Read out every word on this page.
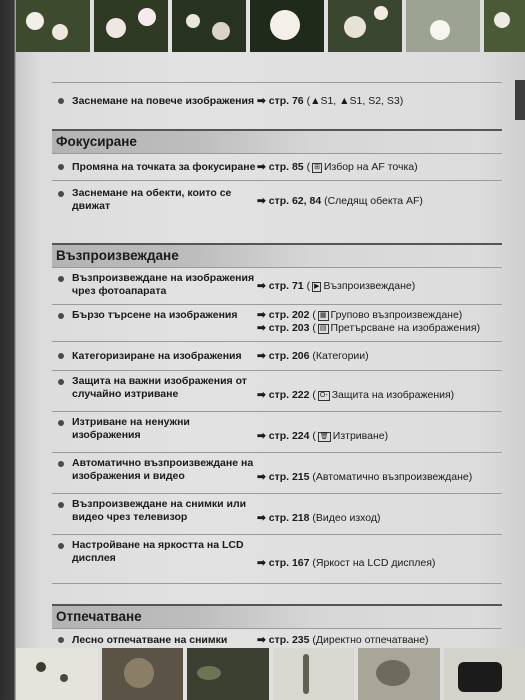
Заснемане на повече изображения ➡ стр. 76 (▲S1, ▲S1, S2, S3)
Фокусиране
Промяна на точката за фокусиране ➡ стр. 85 ( ⊞ Избор на AF точка)
Заснемане на обекти, които се движат	➡ стр. 62, 84 (Следящ обекта AF)
Възпроизвеждане
Възпроизвеждане на изображения чрез фотоапарата	➡ стр. 71 ( ▶ Възпроизвеждане)
Бързо търсене на изображения	➡ стр. 202 ( ▦ Групово възпроизвеждане)
➡ стр. 203 ( ▤ Претърсване на изображения)
Категоризиране на изображения	➡ стр. 206 (Категории)
Защита на важни изображения от случайно изтриване	➡ стр. 222 ( O- Защита на изображения)
Изтриване на ненужни изображения	➡ стр. 224 ( 🗑 Изтриване)
Автоматично възпроизвеждане на изображения и видео	➡ стр. 215 (Автоматично възпроизвеждане)
Възпроизвеждане на снимки или видео чрез телевизор	➡ стр. 218 (Видео изход)
Настройване на яркостта на LCD дисплея	➡ стр. 167 (Яркост на LCD дисплея)
Отпечатване
Лесно отпечатване на снимки	➡ стр. 235 (Директно отпечатване)
